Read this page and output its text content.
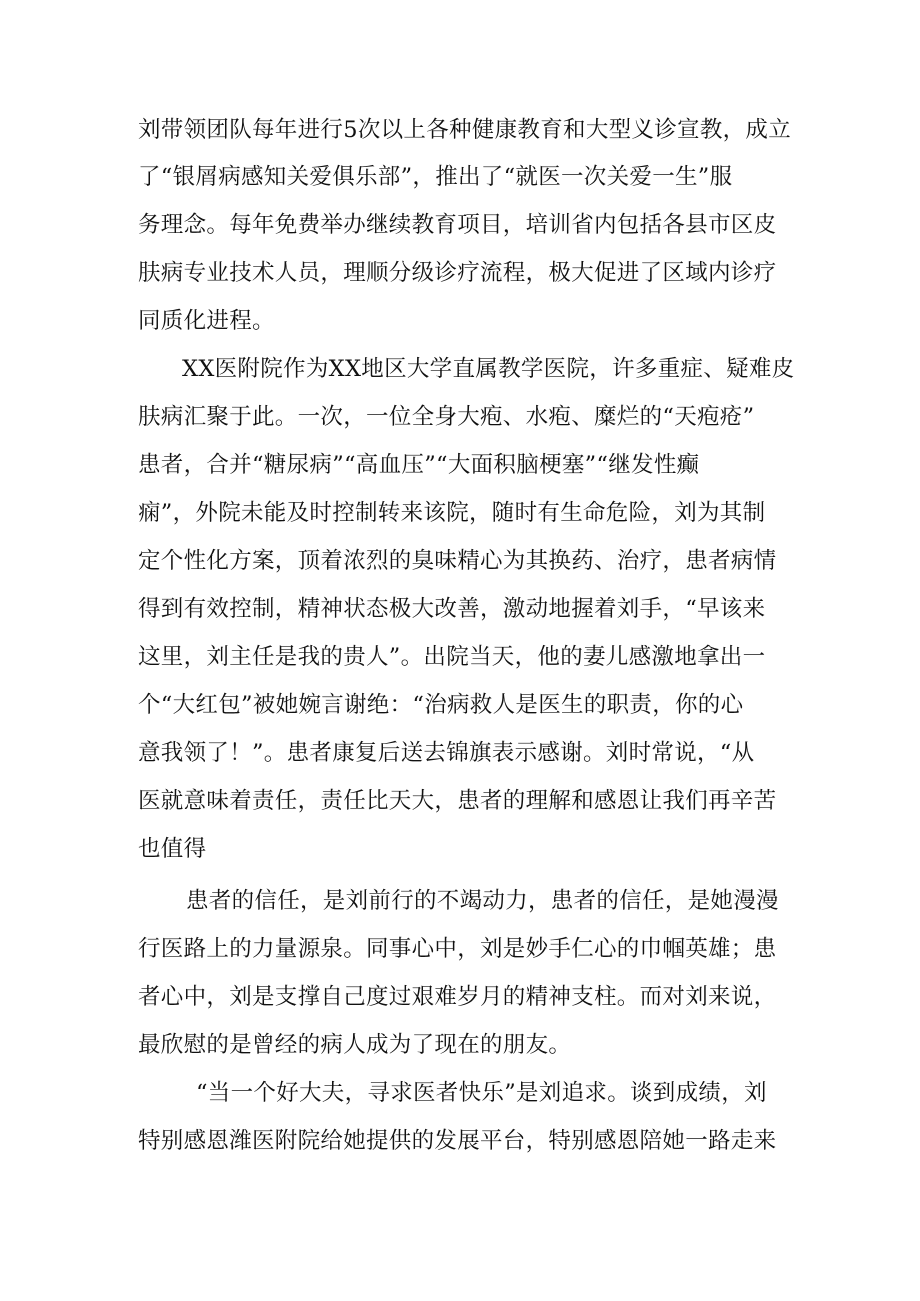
刘带领团队每年进行5次以上各种健康教育和大型义诊宣教，成立
了“银屑病感知关爱俱乐部”，推出了“就医一次关爱一生”服
务理念。每年免费举办继续教育项目，培训省内包括各县市区皮
肤病专业技术人员，理顺分级诊疗流程，极大促进了区域内诊疗
同质化进程。
XX医附院作为XX地区大学直属教学医院，许多重症、疑难皮
肤病汇聚于此。一次，一位全身大疱、水疱、糜烂的“天疱疮”
患者，合并“糖尿病”“高血压”“大面积脑梗塞”“继发性癫
痫”，外院未能及时控制转来该院，随时有生命危险，刘为其制
定个性化方案，顶着浓烈的臭味精心为其换药、治疗，患者病情
得到有效控制，精神状态极大改善，激动地握着刘手，“早该来
这里，刘主任是我的贵人”。出院当天，他的妻儿感激地拿出一
个“大红包”被她婉言谢绝：“治病救人是医生的职责，你的心
意我领了！”。患者康复后送去锦旗表示感谢。刘时常说，“从
医就意味着责任，责任比天大，患者的理解和感恩让我们再辛苦
也值得
患者的信任，是刘前行的不竭动力，患者的信任，是她漫漫
行医路上的力量源泉。同事心中，刘是妙手仁心的巾帼英雄；患
者心中，刘是支撑自己度过艰难岁月的精神支柱。而对刘来说，
最欣慰的是曾经的病人成为了现在的朋友。
“当一个好大夫，寻求医者快乐”是刘追求。谈到成绩，刘
特别感恩潍医附院给她提供的发展平台，特别感恩陪她一路走来
